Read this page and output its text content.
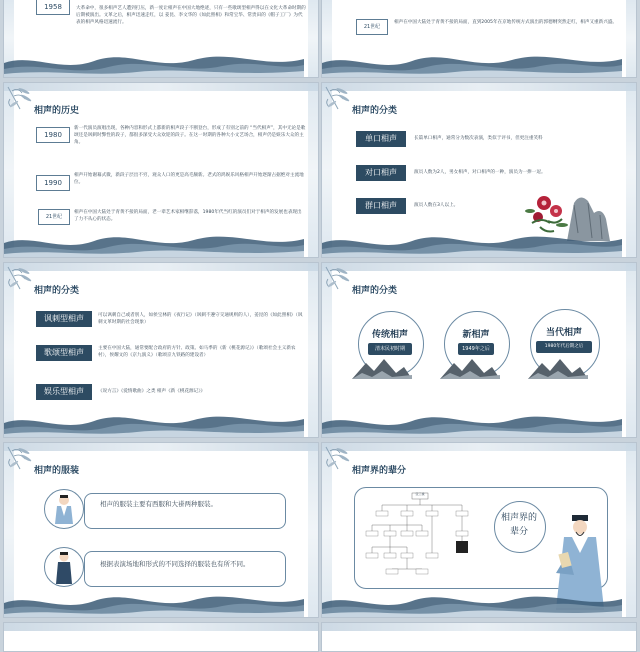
1958	大革命中，很多相声艺人遭到打压，新一度让相声在中国大地绝迹，只有一些歌颂型相声得以在文化大革命时期的后期被演出。文革之后，相声迅速走红，以 姜昆、李文华的《如此照相》和常宝华、常贵田的《帽子工厂》为代表的相声风格迅速流行。
21世纪
相声在中国大陆处于青黄不接的局面，直到2005年在京地传统方式演出的郭德纲突然走红，相声又重新兴盛。
相声的历史
1980
新一代演员演唱出现，各种内容和形式上都新的相声段子不断登台，形成了有别之前的 “当代相声”，其中无论是歌颂还是讽刺时弊性的段子，都很多深受大众欢迎的段子。在这一时期的各种大小文艺场合，相声仍是娱乐大众的主角。
1990
相声开始谢幕式微，新段子层出不穷，观众人口的更是高毛颇新。老式的鸿娱乐风格相声开始逐渐占据绝对主流地位。
21世纪
相声在中国大陆处于青黄不接的局面，老一辈艺术家相继辞落，1980年代当红的演员们对于相声的发展也表现出了力不从心的状态。
相声的分类
单口相声	长篇单口相声，通常分为数次表演，类似于评书，但更注重笑料
对口相声	演员人数为2人，男女相声，对口相声的一种，演员为一捧一逗。
群口相声	演员人数在3人以上。
相声的分类
讽刺型相声	可以讽刺自己或者别人，如侯宝林的《夜行记》（讽刺不遵守交通规则的人），姜昆的《如此照相》（讽刺文革时期的社会现象）
歌颂型相声	主要在中国大陆，通常要配合政府的方针、政策。如马季的《新《桃花源记》》（歌颂社会主义新农村），侯耀文的《京九演义》（歌颂京九铁路的建设者）
娱乐型相声	《说方言》《爱情歌曲》之类 相声《新《桃花源记》》
相声的分类
传统相声
清末民初时期
新相声
1949年之后
当代相声
1980年代后期之后
相声的服装
相声的服装主要有西服和大褂两种服装。
根据表演场地和形式的不同选择的服装也有所不同。
相声界的辈分
张三禄
相声界的辈分
